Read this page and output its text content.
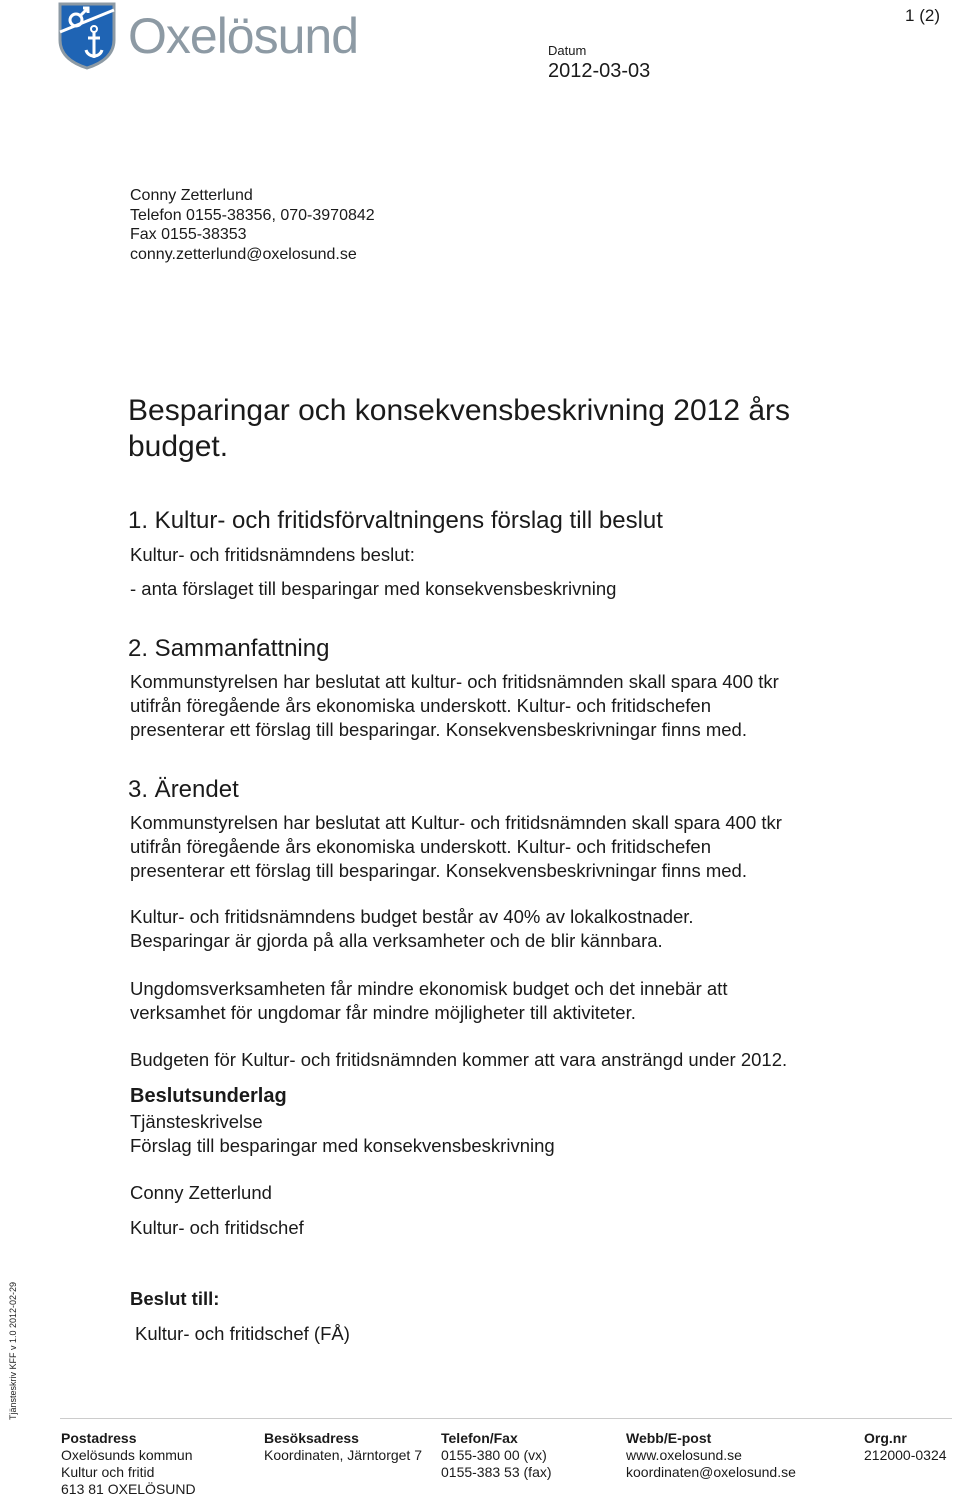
1 (2)
Oxelösund	Datum
2012-03-03
Conny Zetterlund
Telefon 0155-38356, 070-3970842
Fax 0155-38353
conny.zetterlund@oxelosund.se
Besparingar och konsekvensbeskrivning 2012 års
budget.
1. Kultur- och fritidsförvaltningens förslag till beslut
Kultur- och fritidsnämndens beslut:
- anta förslaget till besparingar med konsekvensbeskrivning
2. Sammanfattning
Kommunstyrelsen har beslutat att kultur- och fritidsnämnden skall spara 400 tkr
utifrån föregående års ekonomiska underskott. Kultur- och fritidschefen
presenterar ett förslag till besparingar. Konsekvensbeskrivningar finns med.
3. Ärendet
Kommunstyrelsen har beslutat att Kultur- och fritidsnämnden skall spara 400 tkr
utifrån föregående års ekonomiska underskott. Kultur- och fritidschefen
presenterar ett förslag till besparingar. Konsekvensbeskrivningar finns med.
Kultur- och fritidsnämndens budget består av 40% av lokalkostnader.
Besparingar är gjorda på alla verksamheter och de blir kännbara.
Ungdomsverksamheten får mindre ekonomisk budget och det innebär att
verksamhet för ungdomar får mindre möjligheter till aktiviteter.
Budgeten för Kultur- och fritidsnämnden kommer att vara ansträngd under 2012.
Beslutsunderlag
Tjänsteskrivelse
Förslag till besparingar med konsekvensbeskrivning
Conny Zetterlund
Kultur- och fritidschef
Beslut till:
Kultur- och fritidschef (FÅ)
Tjänsteskriv KFF v 1.0 2012-02-29
Postadress
Oxelösunds kommun
Kultur och fritid
613 81 OXELÖSUND
Besöksadress
Koordinaten, Järntorget 7
Telefon/Fax
0155-380 00 (vx)
0155-383 53 (fax)
Webb/E-post
www.oxelosund.se
koordinaten@oxelosund.se
Org.nr
212000-0324
